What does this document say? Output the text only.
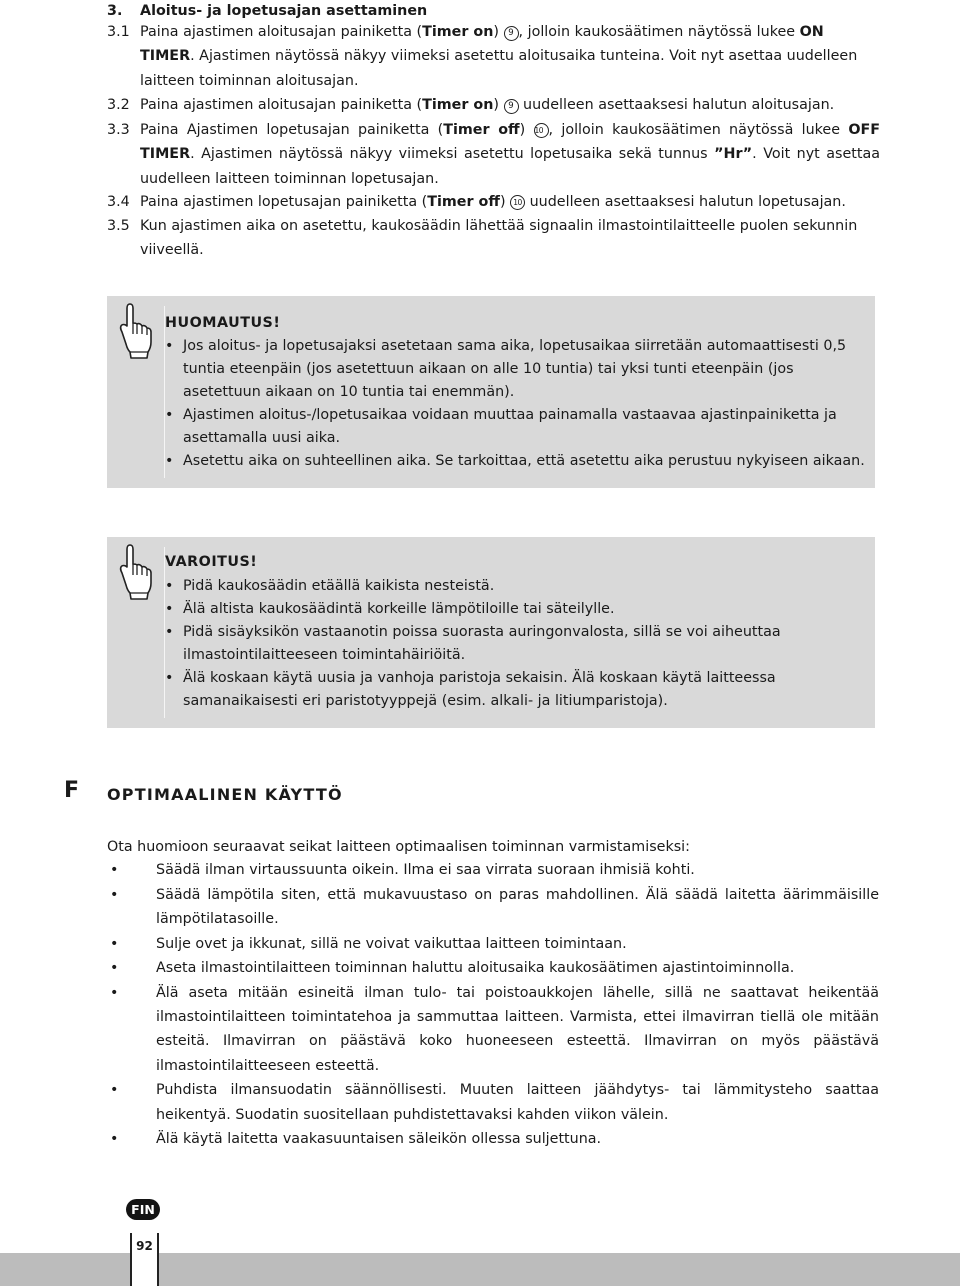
3. Aloitus- ja lopetusajan asettaminen
3.1 Paina ajastimen aloitusajan painiketta (Timer on) 9 , jolloin kaukosäätimen näytössä lukee ON TIMER. Ajastimen näytössä näkyy viimeksi asetettu aloitusaika tunteina. Voit nyt asettaa uudelleen laitteen toiminnan aloitusajan.
3.2 Paina ajastimen aloitusajan painiketta (Timer on) 9 uudelleen asettaaksesi halutun aloitusajan.
3.3 Paina Ajastimen lopetusajan painiketta (Timer off) 10 , jolloin kaukosäätimen näytössä lukee OFF TIMER. Ajastimen näytössä näkyy viimeksi asetettu lopetusaika sekä tunnus ”Hr”. Voit nyt asettaa uudelleen laitteen toiminnan lopetusajan.
3.4 Paina ajastimen lopetusajan painiketta (Timer off) 10 uudelleen asettaaksesi halutun lopetusajan.
3.5 Kun ajastimen aika on asetettu, kaukosäädin lähettää signaalin ilmastointilaitteelle puolen sekunnin viiveellä.
HUOMAUTUS!
• Jos aloitus- ja lopetusajaksi asetetaan sama aika, lopetusaikaa siirretään automaattisesti 0,5 tuntia eteenpäin (jos asetettuun aikaan on alle 10 tuntia) tai yksi tunti eteenpäin (jos asetettuun aikaan on 10 tuntia tai enemmän).
• Ajastimen aloitus-/lopetusaikaa voidaan muuttaa painamalla vastaavaa ajastinpainiketta ja asettamalla uusi aika.
• Asetettu aika on suhteellinen aika. Se tarkoittaa, että asetettu aika perustuu nykyiseen aikaan.
VAROITUS!
• Pidä kaukosäädin etäällä kaikista nesteistä.
• Älä altista kaukosäädintä korkeille lämpötiloille tai säteilylle.
• Pidä sisäyksikön vastaanotin poissa suorasta auringonvalosta, sillä se voi aiheuttaa ilmastointilaitteeseen toimintahäiriöitä.
• Älä koskaan käytä uusia ja vanhoja paristoja sekaisin. Älä koskaan käytä laitteessa samanaikaisesti eri paristotyyppejä (esim. alkali- ja litiumparistoja).
F OPTIMAALINEN KÄYTTÖ
Ota huomioon seuraavat seikat laitteen optimaalisen toiminnan varmistamiseksi:
• Säädä ilman virtaussuunta oikein. Ilma ei saa virrata suoraan ihmisiä kohti.
• Säädä lämpötila siten, että mukavuustaso on paras mahdollinen. Älä säädä laitetta äärimmäisille lämpötilatasoille.
• Sulje ovet ja ikkunat, sillä ne voivat vaikuttaa laitteen toimintaan.
• Aseta ilmastointilaitteen toiminnan haluttu aloitusaika kaukosäätimen ajastintoiminnolla.
• Älä aseta mitään esineitä ilman tulo- tai poistoaukkojen lähelle, sillä ne saattavat heikentää ilmastointilaitteen toimintatehoa ja sammuttaa laitteen. Varmista, ettei ilmavirran tiellä ole mitään esteitä. Ilmavirran on päästävä koko huoneeseen esteettä. Ilmavirran on myös päästävä ilmastointilaitteeseen esteettä.
• Puhdista ilmansuodatin säännöllisesti. Muuten laitteen jäähdytys- tai lämmitysteho saattaa heikentyä. Suodatin suositellaan puhdistettavaksi kahden viikon välein.
• Älä käytä laitetta vaakasuuntaisen säleikön ollessa suljettuna.
FIN
92
